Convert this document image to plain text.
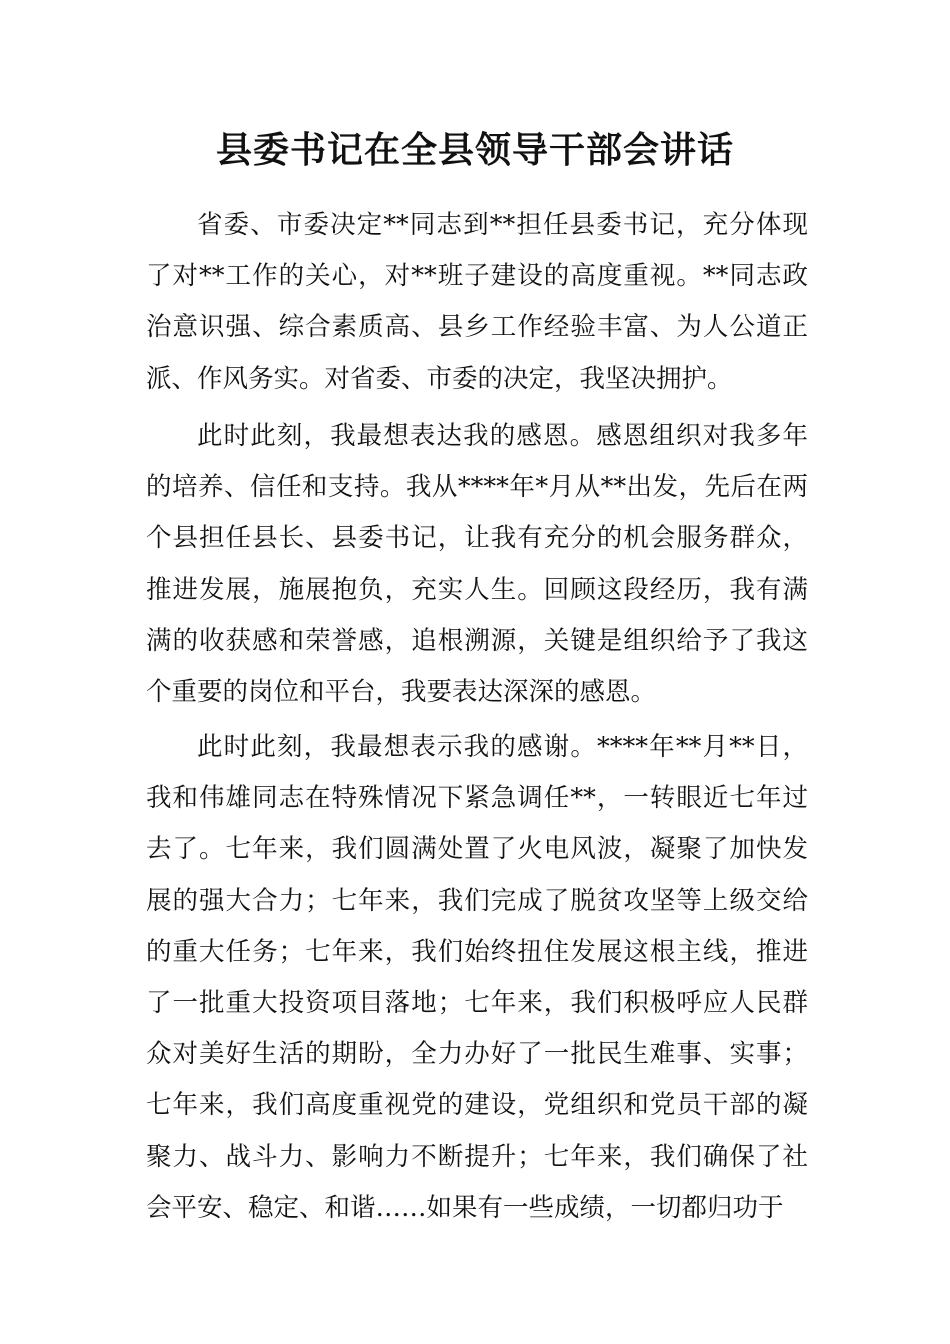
县委书记在全县领导干部会讲话

省委、市委决定**同志到**担任县委书记，充分体现了对**工作的关心，对**班子建设的高度重视。**同志政治意识强、综合素质高、县乡工作经验丰富、为人公道正派、作风务实。对省委、市委的决定，我坚决拥护。

此时此刻，我最想表达我的感恩。感恩组织对我多年的培养、信任和支持。我从****年*月从**出发，先后在两个县担任县长、县委书记，让我有充分的机会服务群众，推进发展，施展抱负，充实人生。回顾这段经历，我有满满的收获感和荣誉感，追根溯源，关键是组织给予了我这个重要的岗位和平台，我要表达深深的感恩。

此时此刻，我最想表示我的感谢。****年**月**日，我和伟雄同志在特殊情况下紧急调任**，一转眼近七年过去了。七年来，我们圆满处置了火电风波，凝聚了加快发展的强大合力；七年来，我们完成了脱贫攻坚等上级交给的重大任务；七年来，我们始终扭住发展这根主线，推进了一批重大投资项目落地；七年来，我们积极呼应人民群众对美好生活的期盼，全力办好了一批民生难事、实事；七年来，我们高度重视党的建设，党组织和党员干部的凝聚力、战斗力、影响力不断提升；七年来，我们确保了社会平安、稳定、和谐……如果有一些成绩，一切都归功于
